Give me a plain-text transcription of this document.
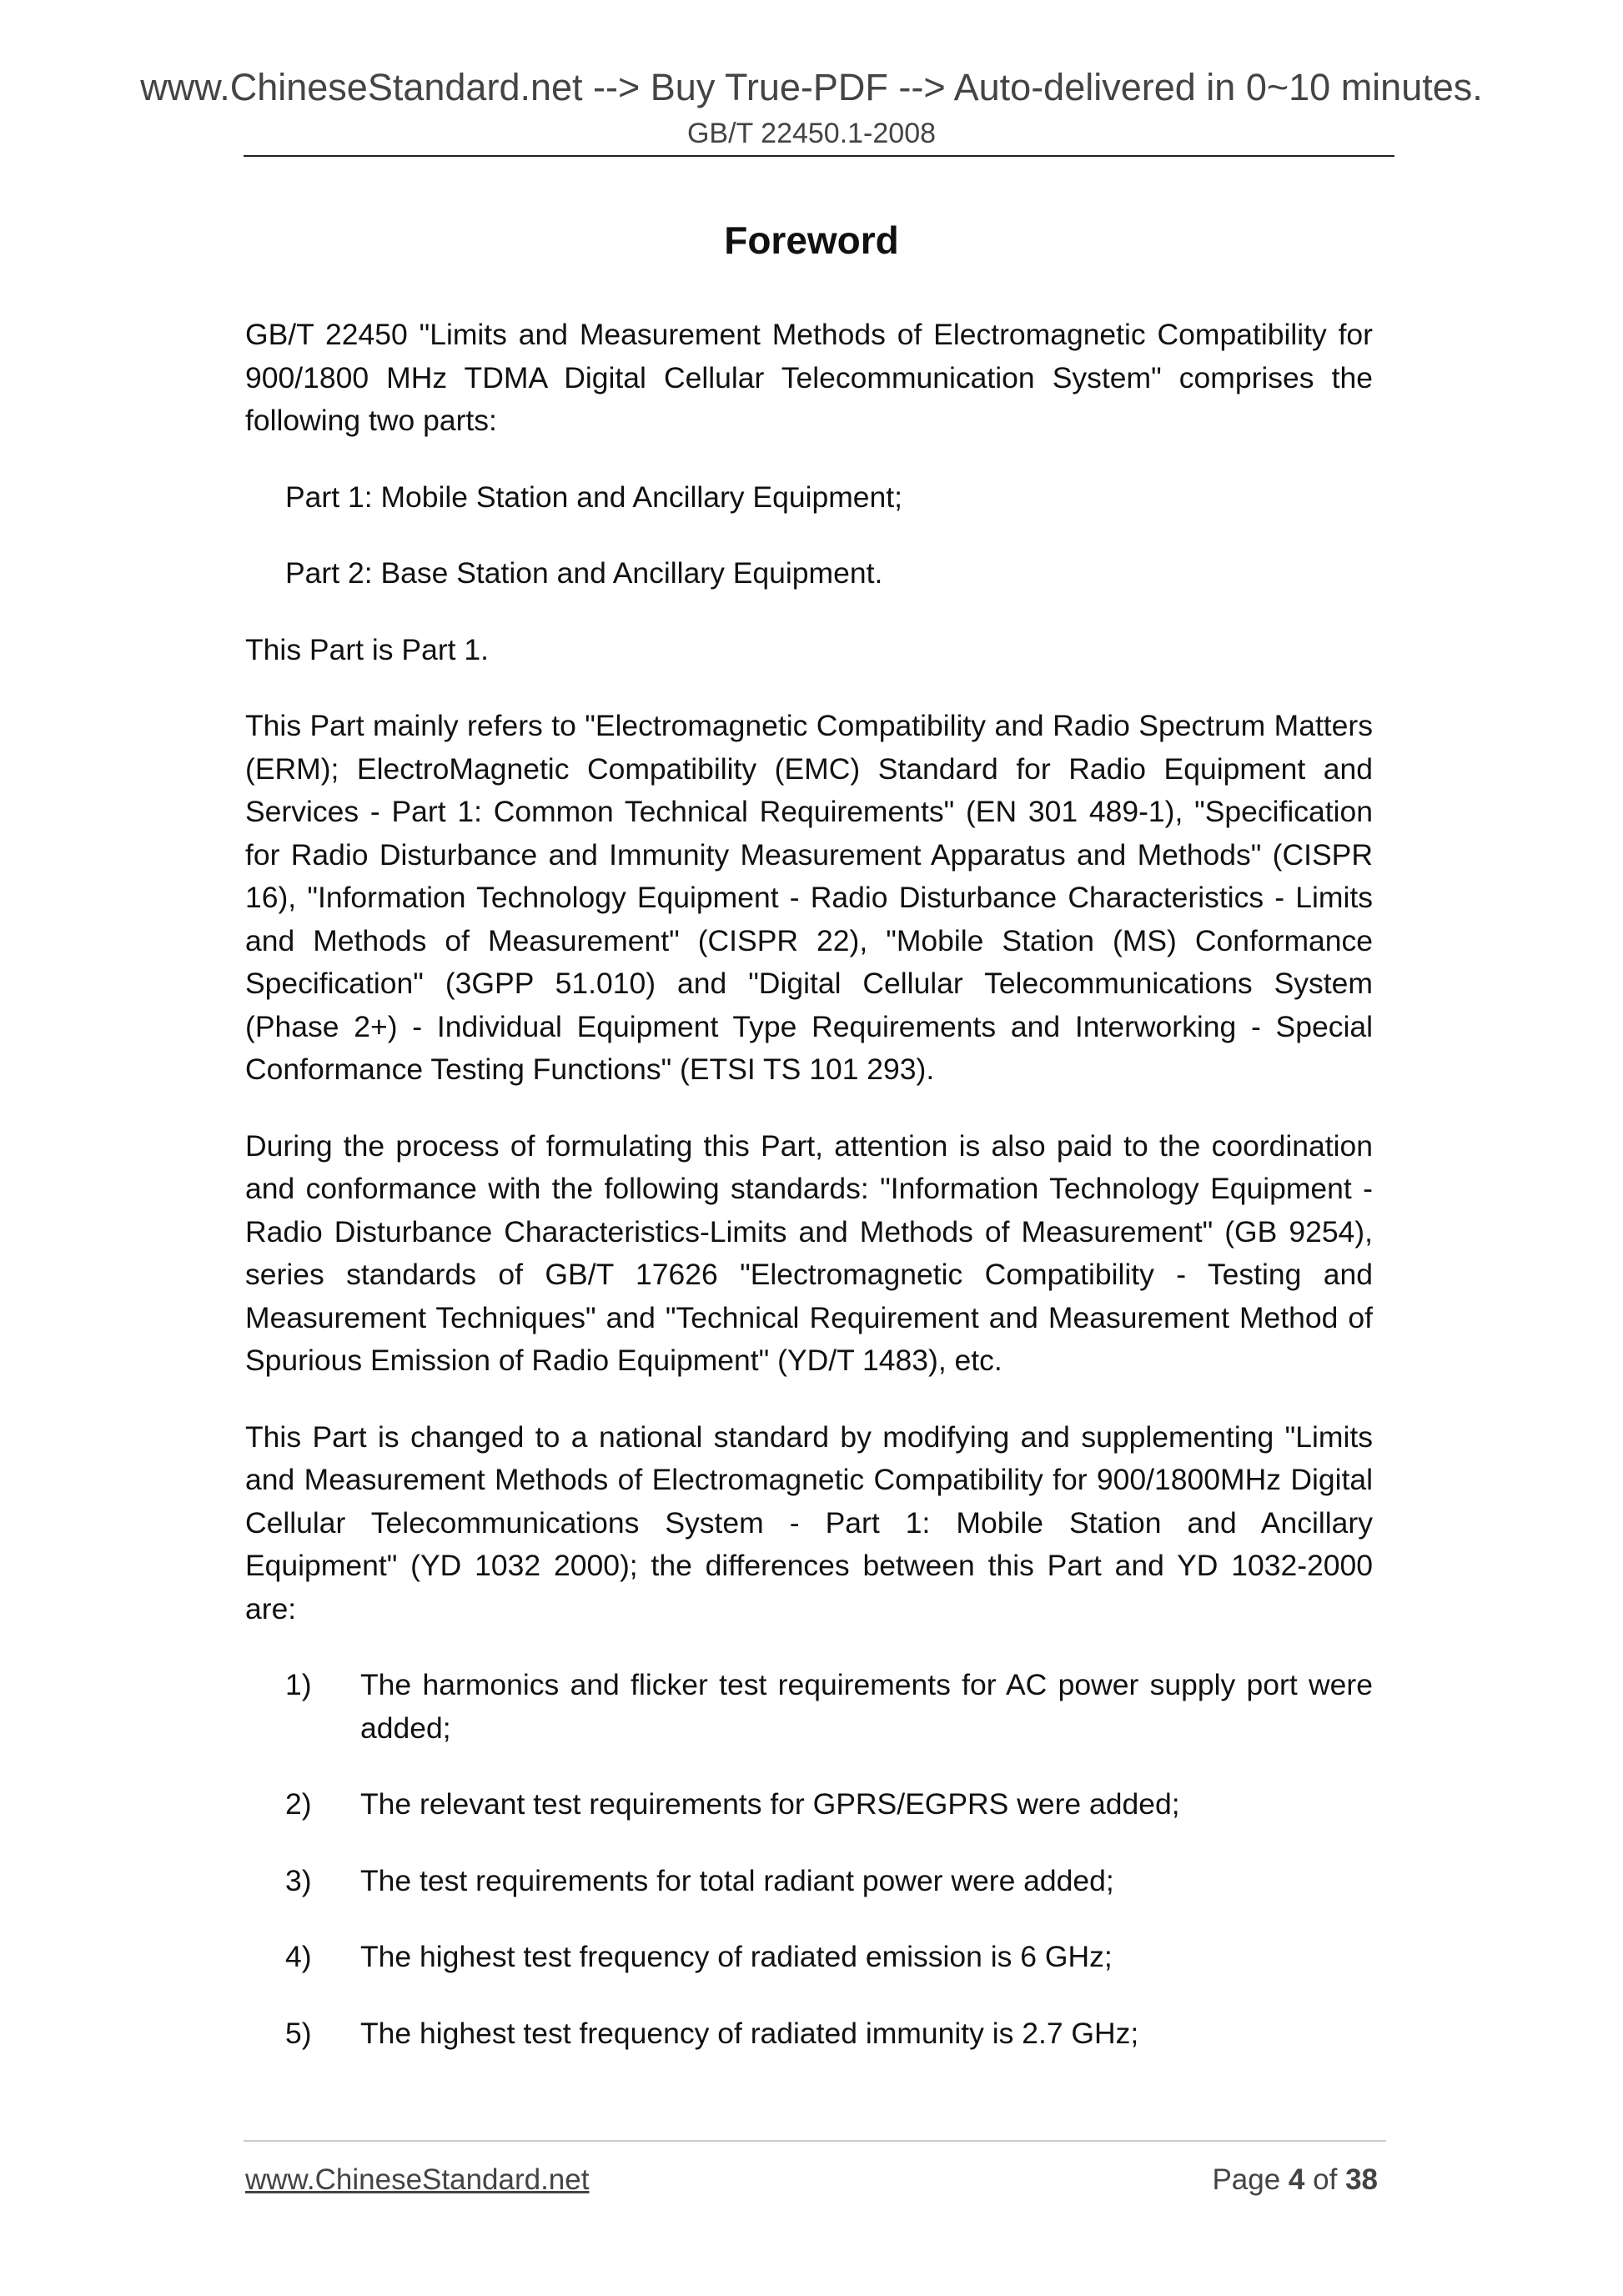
www.ChineseStandard.net --> Buy True-PDF --> Auto-delivered in 0~10 minutes.
GB/T 22450.1-2008
Foreword

GB/T 22450 "Limits and Measurement Methods of Electromagnetic Compatibility for 900/1800 MHz TDMA Digital Cellular Telecommunication System" comprises the following two parts:

Part 1: Mobile Station and Ancillary Equipment;

Part 2: Base Station and Ancillary Equipment.

This Part is Part 1.

This Part mainly refers to "Electromagnetic Compatibility and Radio Spectrum Matters (ERM); ElectroMagnetic Compatibility (EMC) Standard for Radio Equipment and Services - Part 1: Common Technical Requirements" (EN 301 489-1), "Specification for Radio Disturbance and Immunity Measurement Apparatus and Methods" (CISPR 16), "Information Technology Equipment - Radio Disturbance Characteristics - Limits and Methods of Measurement" (CISPR 22), "Mobile Station (MS) Conformance Specification" (3GPP 51.010) and "Digital Cellular Telecommunications System (Phase 2+) - Individual Equipment Type Requirements and Interworking - Special Conformance Testing Functions" (ETSI TS 101 293).

During the process of formulating this Part, attention is also paid to the coordination and conformance with the following standards: "Information Technology Equipment - Radio Disturbance Characteristics-Limits and Methods of Measurement" (GB 9254), series standards of GB/T 17626 "Electromagnetic Compatibility - Testing and Measurement Techniques" and "Technical Requirement and Measurement Method of Spurious Emission of Radio Equipment" (YD/T 1483), etc.

This Part is changed to a national standard by modifying and supplementing "Limits and Measurement Methods of Electromagnetic Compatibility for 900/1800MHz Digital Cellular Telecommunications System - Part 1: Mobile Station and Ancillary Equipment" (YD 1032 2000); the differences between this Part and YD 1032-2000 are:

1)	The harmonics and flicker test requirements for AC power supply port were added;
2)	The relevant test requirements for GPRS/EGPRS were added;
3)	The test requirements for total radiant power were added;
4)	The highest test frequency of radiated emission is 6 GHz;
5)	The highest test frequency of radiated immunity is 2.7 GHz;
www.ChineseStandard.net	Page 4 of 38
